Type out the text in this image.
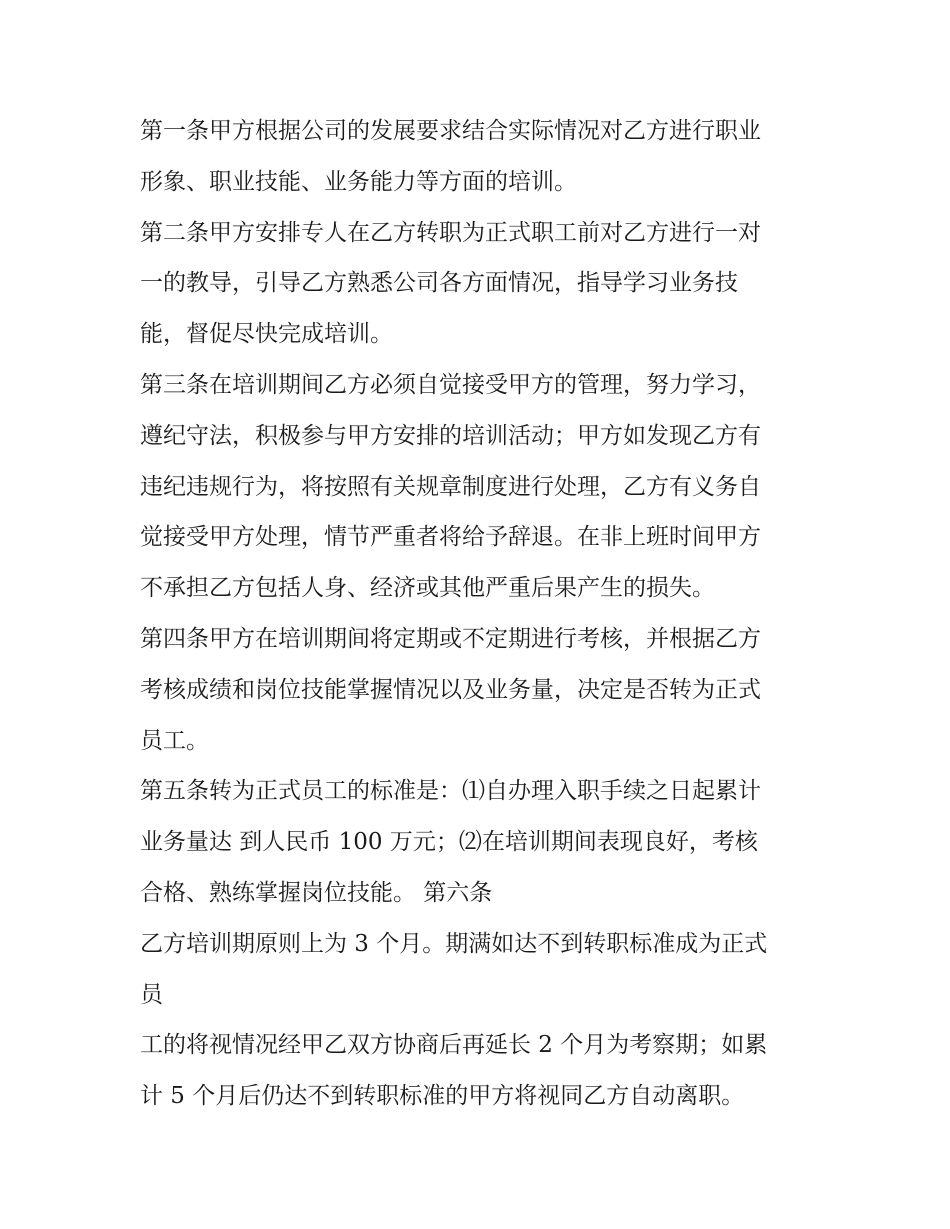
第一条甲方根据公司的发展要求结合实际情况对乙方进行职业
形象、职业技能、业务能力等方面的培训。
第二条甲方安排专人在乙方转职为正式职工前对乙方进行一对
一的教导，引导乙方熟悉公司各方面情况，指导学习业务技
能，督促尽快完成培训。
第三条在培训期间乙方必须自觉接受甲方的管理，努力学习，
遵纪守法，积极参与甲方安排的培训活动；甲方如发现乙方有
违纪违规行为，将按照有关规章制度进行处理，乙方有义务自
觉接受甲方处理，情节严重者将给予辞退。在非上班时间甲方
不承担乙方包括人身、经济或其他严重后果产生的损失。
第四条甲方在培训期间将定期或不定期进行考核，并根据乙方
考核成绩和岗位技能掌握情况以及业务量，决定是否转为正式
员工。
第五条转为正式员工的标准是：⑴自办理入职手续之日起累计
业务量达 到人民币 100 万元；⑵在培训期间表现良好，考核
合格、熟练掌握岗位技能。 第六条
乙方培训期原则上为 3 个月。期满如达不到转职标准成为正式
员
工的将视情况经甲乙双方协商后再延长 2 个月为考察期；如累
计 5 个月后仍达不到转职标准的甲方将视同乙方自动离职。
